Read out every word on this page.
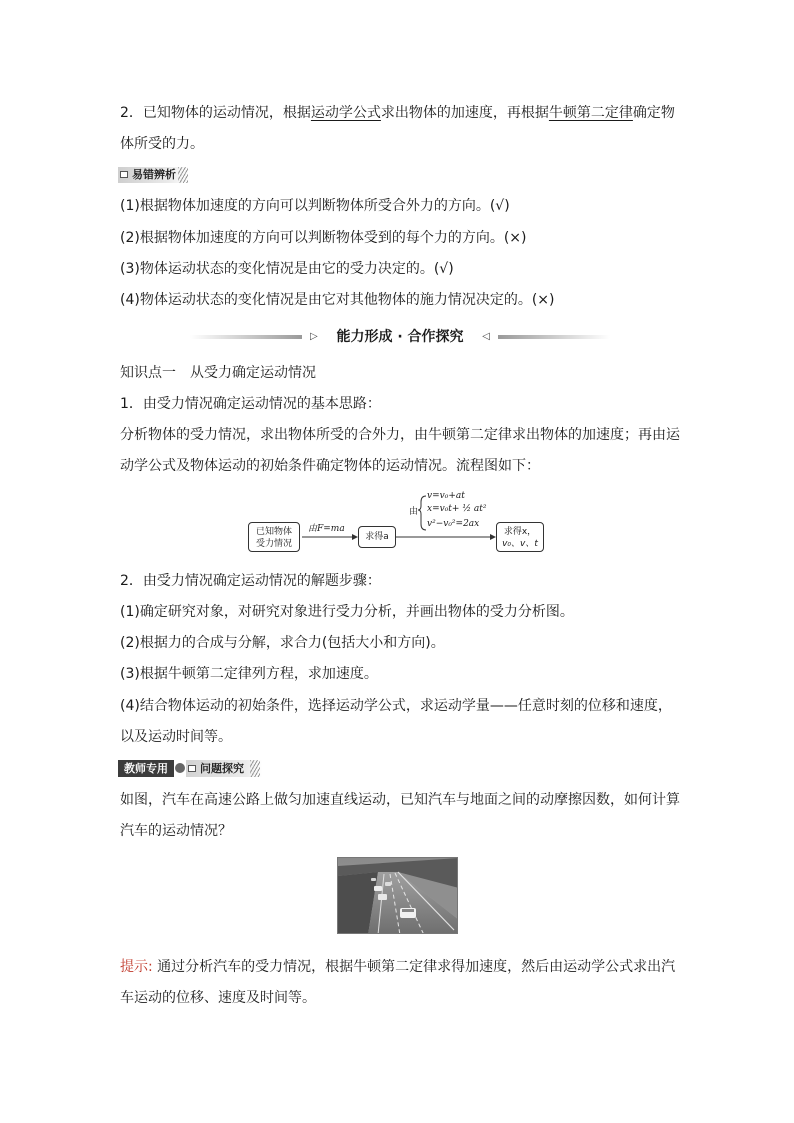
2．已知物体的运动情况，根据运动学公式求出物体的加速度，再根据牛顿第二定律确定物
体所受的力。
易错辨析
(1)根据物体加速度的方向可以判断物体所受合外力的方向。(√)
(2)根据物体加速度的方向可以判断物体受到的每个力的方向。(×)
(3)物体运动状态的变化情况是由它的受力决定的。(√)
(4)物体运动状态的变化情况是由它对其他物体的施力情况决定的。(×)
▷	能力形成 · 合作探究	◁
知识点一　从受力确定运动情况
1．由受力情况确定运动情况的基本思路：
分析物体的受力情况，求出物体所受的合外力，由牛顿第二定律求出物体的加速度；再由运
动学公式及物体运动的初始条件确定物体的运动情况。流程图如下：
已知物体
受力情况
由F=ma
求得a
由
v=v₀+at
x=v₀t+ ½ at²
v²−v₀²=2ax
求得x，
v₀、v、t
2．由受力情况确定运动情况的解题步骤：
(1)确定研究对象，对研究对象进行受力分析，并画出物体的受力分析图。
(2)根据力的合成与分解，求合力(包括大小和方向)。
(3)根据牛顿第二定律列方程，求加速度。
(4)结合物体运动的初始条件，选择运动学公式，求运动学量——任意时刻的位移和速度，
以及运动时间等。
教师专用	问题探究
如图，汽车在高速公路上做匀加速直线运动，已知汽车与地面之间的动摩擦因数，如何计算
汽车的运动情况？
提示: 通过分析汽车的受力情况，根据牛顿第二定律求得加速度，然后由运动学公式求出汽
车运动的位移、速度及时间等。
